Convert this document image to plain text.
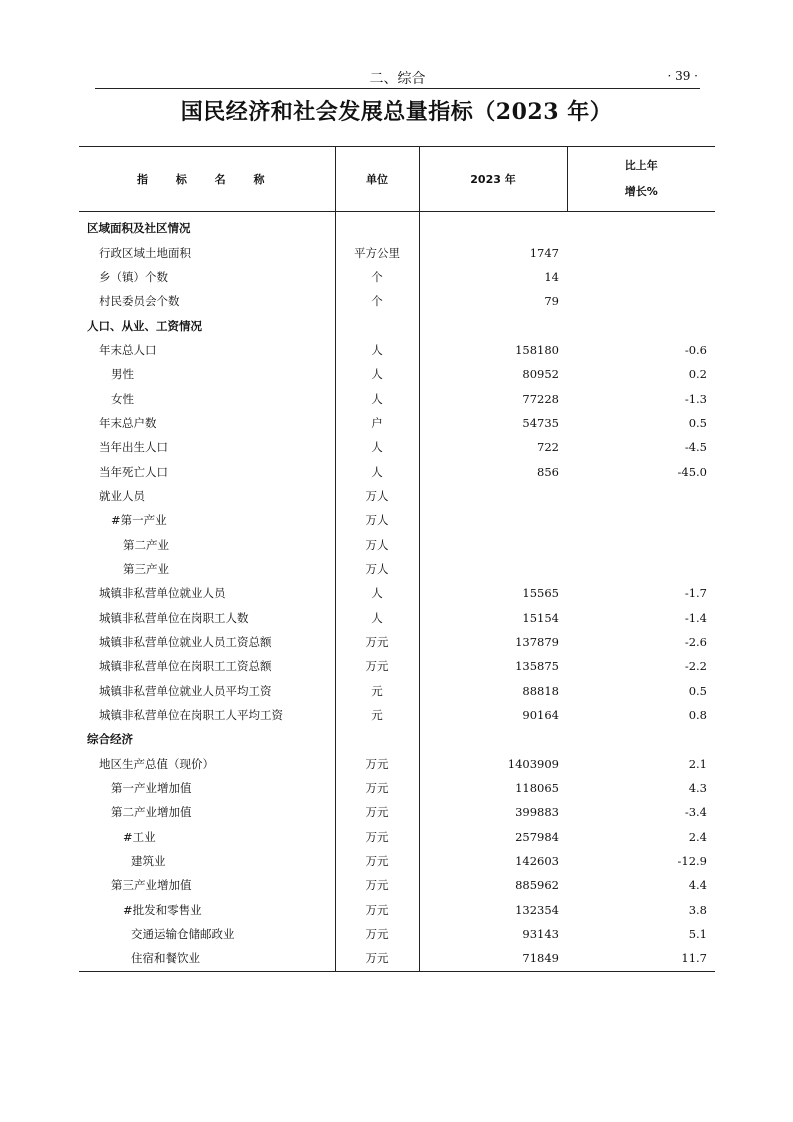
二、综合	· 39 ·
国民经济和社会发展总量指标（2023 年）
指 标 名 称	单位	2023 年	比上年
增长%

区域面积及社区情况			
行政区域土地面积	平方公里	1747	
乡（镇）个数	个	14	
村民委员会个数	个	79	
人口、从业、工资情况			
年末总人口	人	158180	-0.6
男性	人	80952	0.2
女性	人	77228	-1.3
年末总户数	户	54735	0.5
当年出生人口	人	722	-4.5
当年死亡人口	人	856	-45.0
就业人员	万人		
#第一产业	万人		
第二产业	万人		
第三产业	万人		
城镇非私营单位就业人员	人	15565	-1.7
城镇非私营单位在岗职工人数	人	15154	-1.4
城镇非私营单位就业人员工资总额	万元	137879	-2.6
城镇非私营单位在岗职工工资总额	万元	135875	-2.2
城镇非私营单位就业人员平均工资	元	88818	0.5
城镇非私营单位在岗职工人平均工资	元	90164	0.8
综合经济			
地区生产总值（现价）	万元	1403909	2.1
第一产业增加值	万元	118065	4.3
第二产业增加值	万元	399883	-3.4
#工业	万元	257984	2.4
建筑业	万元	142603	-12.9
第三产业增加值	万元	885962	4.4
#批发和零售业	万元	132354	3.8
交通运输仓储邮政业	万元	93143	5.1
住宿和餐饮业	万元	71849	11.7
